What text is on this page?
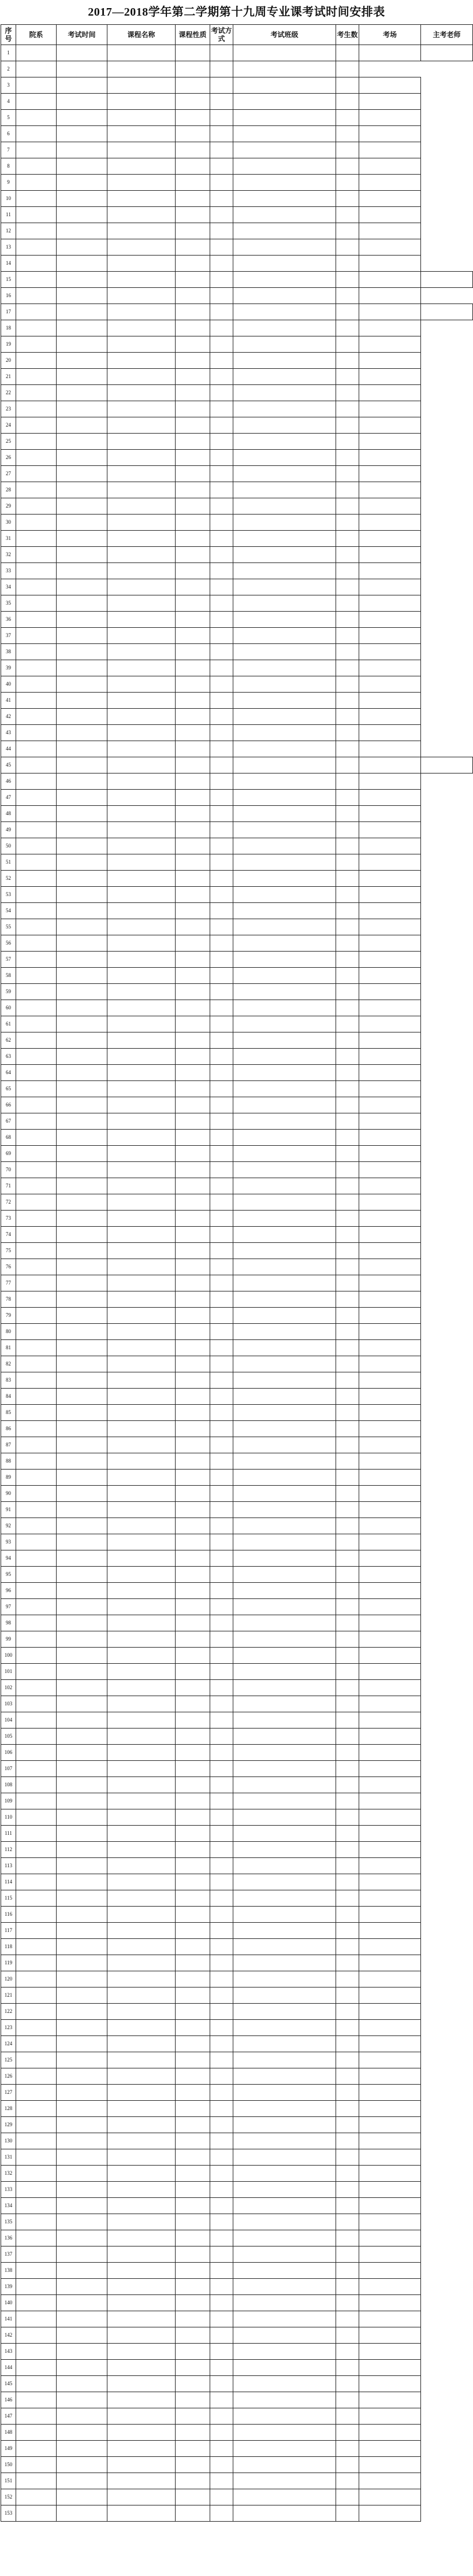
2017—2018学年第二学期第十九周专业课考试时间安排表
序号	院系	考试时间	课程名称	课程性质	考试方式	考试班级	考生数	考场	主考老师
1									
2									
3									
4									
5									
6									
7									
8									
9									
10									
11									
12									
13									
14									
15									
16									
17									
18									
19									
20									
21									
22									
23									
24									
25									
26									
27									
28									
29									
30									
31									
32									
33									
34									
35									
36									
37									
38									
39									
40									
41									
42									
43									
44									
45									
46									
47									
48									
49									
50									
51									
52									
53									
54									
55									
56									
57									
58									
59									
60									
61									
62									
63									
64									
65									
66									
67									
68									
69									
70									
71									
72									
73									
74									
75									
76									
77									
78									
79									
80									
81									
82									
83									
84									
85									
86									
87									
88									
89									
90									
91									
92									
93									
94									
95									
96									
97									
98									
99									
100									
101									
102									
103									
104									
105									
106									
107									
108									
109									
110									
111									
112									
113									
114									
115									
116									
117									
118									
119									
120									
121									
122									
123									
124									
125									
126									
127									
128									
129									
130									
131									
132									
133									
134									
135									
136									
137									
138									
139									
140									
141									
142									
143									
144									
145									
146									
147									
148									
149									
150									
151									
152									
153									
